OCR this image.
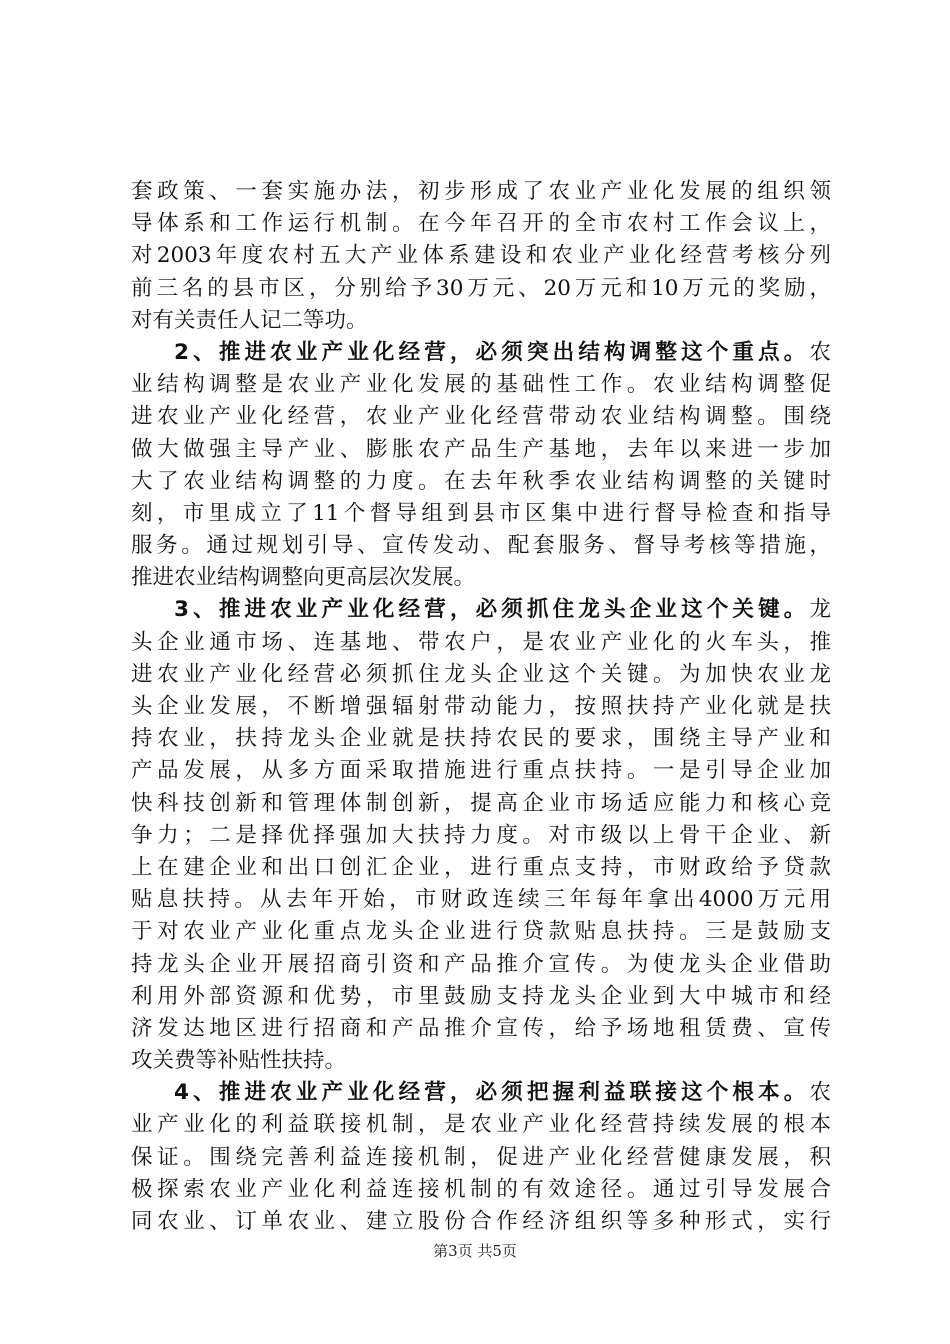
套政策、一套实施办法，初步形成了农业产业化发展的组织领
导体系和工作运行机制。在今年召开的全市农村工作会议上，
对2003年度农村五大产业体系建设和农业产业化经营考核分列
前三名的县市区，分别给予30万元、20万元和10万元的奖励，
对有关责任人记二等功。
2、推进农业产业化经营，必须突出结构调整这个重点。农
业结构调整是农业产业化发展的基础性工作。农业结构调整促
进农业产业化经营，农业产业化经营带动农业结构调整。围绕
做大做强主导产业、膨胀农产品生产基地，去年以来进一步加
大了农业结构调整的力度。在去年秋季农业结构调整的关键时
刻，市里成立了11个督导组到县市区集中进行督导检查和指导
服务。通过规划引导、宣传发动、配套服务、督导考核等措施，
推进农业结构调整向更高层次发展。
3、推进农业产业化经营，必须抓住龙头企业这个关键。龙
头企业通市场、连基地、带农户，是农业产业化的火车头，推
进农业产业化经营必须抓住龙头企业这个关键。为加快农业龙
头企业发展，不断增强辐射带动能力，按照扶持产业化就是扶
持农业，扶持龙头企业就是扶持农民的要求，围绕主导产业和
产品发展，从多方面采取措施进行重点扶持。一是引导企业加
快科技创新和管理体制创新，提高企业市场适应能力和核心竞
争力；二是择优择强加大扶持力度。对市级以上骨干企业、新
上在建企业和出口创汇企业，进行重点支持，市财政给予贷款
贴息扶持。从去年开始，市财政连续三年每年拿出4000万元用
于对农业产业化重点龙头企业进行贷款贴息扶持。三是鼓励支
持龙头企业开展招商引资和产品推介宣传。为使龙头企业借助
利用外部资源和优势，市里鼓励支持龙头企业到大中城市和经
济发达地区进行招商和产品推介宣传，给予场地租赁费、宣传
攻关费等补贴性扶持。
4、推进农业产业化经营，必须把握利益联接这个根本。农
业产业化的利益联接机制，是农业产业化经营持续发展的根本
保证。围绕完善利益连接机制，促进产业化经营健康发展，积
极探索农业产业化利益连接机制的有效途径。通过引导发展合
同农业、订单农业、建立股份合作经济组织等多种形式，实行
第3页 共5页
